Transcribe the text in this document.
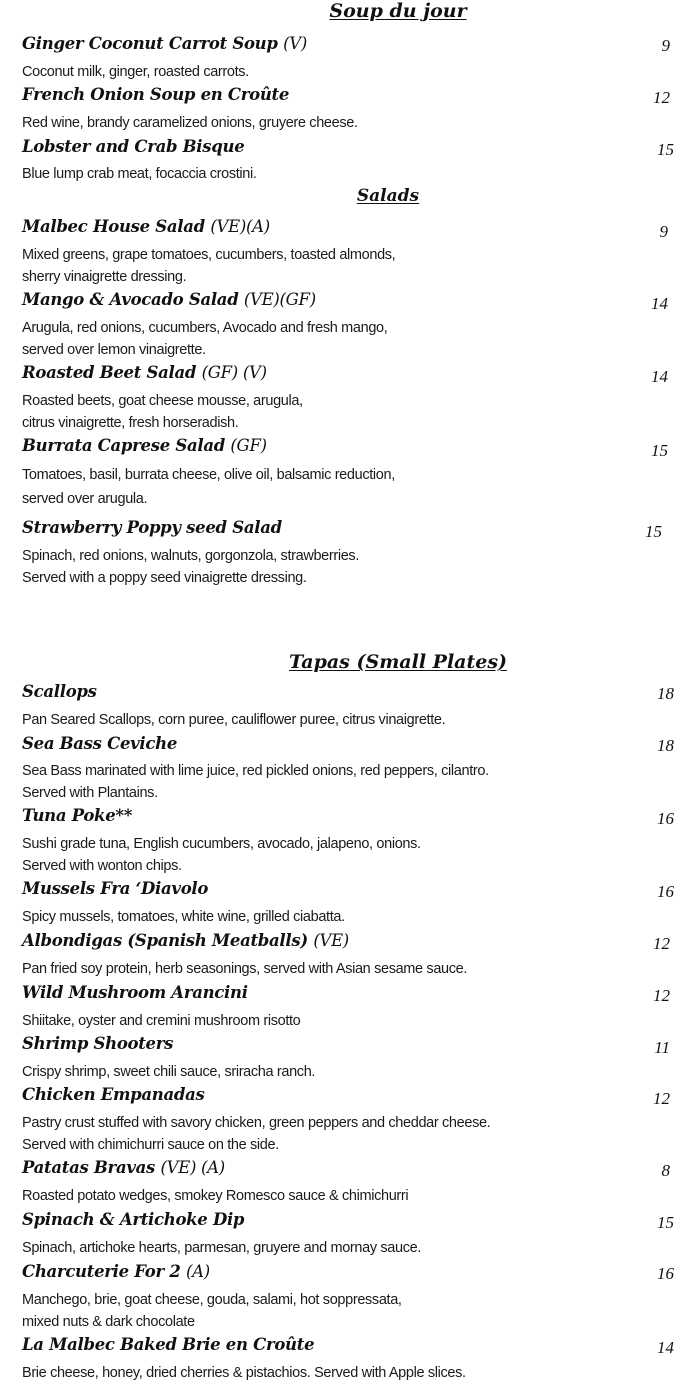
Soup du jour
Salads
Tapas (Small Plates)
Ginger Coconut Carrot Soup (V)	9
Coconut milk, ginger, roasted carrots.
French Onion Soup en Croûte	12
Red wine, brandy caramelized onions, gruyere cheese.
Lobster and Crab Bisque	15
Blue lump crab meat, focaccia crostini.
Malbec House Salad (VE)(A)	9
Mixed greens, grape tomatoes, cucumbers, toasted almonds,
sherry vinaigrette dressing.
Mango & Avocado Salad (VE)(GF)	14
Arugula, red onions, cucumbers, Avocado and fresh mango,
served over lemon vinaigrette.
Roasted Beet Salad (GF) (V)	14
Roasted beets, goat cheese mousse, arugula,
citrus vinaigrette, fresh horseradish.
Burrata Caprese Salad (GF)	15
Tomatoes, basil, burrata cheese, olive oil, balsamic reduction,
served over arugula.
Strawberry Poppy seed Salad	15
Spinach, red onions, walnuts, gorgonzola, strawberries.
Served with a poppy seed vinaigrette dressing.
Scallops	18
Pan Seared Scallops, corn puree, cauliflower puree, citrus vinaigrette.
Sea Bass Ceviche	18
Sea Bass marinated with lime juice, red pickled onions, red peppers, cilantro.
Served with Plantains.
Tuna Poke**	16
Sushi grade tuna, English cucumbers, avocado, jalapeno, onions.
Served with wonton chips.
Mussels Fra ‘Diavolo	16
Spicy mussels, tomatoes, white wine, grilled ciabatta.
Albondigas (Spanish Meatballs) (VE)	12
Pan fried soy protein, herb seasonings, served with Asian sesame sauce.
Wild Mushroom Arancini	12
Shiitake, oyster and cremini mushroom risotto
Shrimp Shooters	11
Crispy shrimp, sweet chili sauce, sriracha ranch.
Chicken Empanadas	12
Pastry crust stuffed with savory chicken, green peppers and cheddar cheese.
Served with chimichurri sauce on the side.
Patatas Bravas (VE) (A)	8
Roasted potato wedges, smokey Romesco sauce & chimichurri
Spinach & Artichoke Dip	15
Spinach, artichoke hearts, parmesan, gruyere and mornay sauce.
Charcuterie For 2 (A)	16
Manchego, brie, goat cheese, gouda, salami, hot soppressata,
mixed nuts & dark chocolate
La Malbec Baked Brie en Croûte	14
Brie cheese, honey, dried cherries & pistachios. Served with Apple slices.
